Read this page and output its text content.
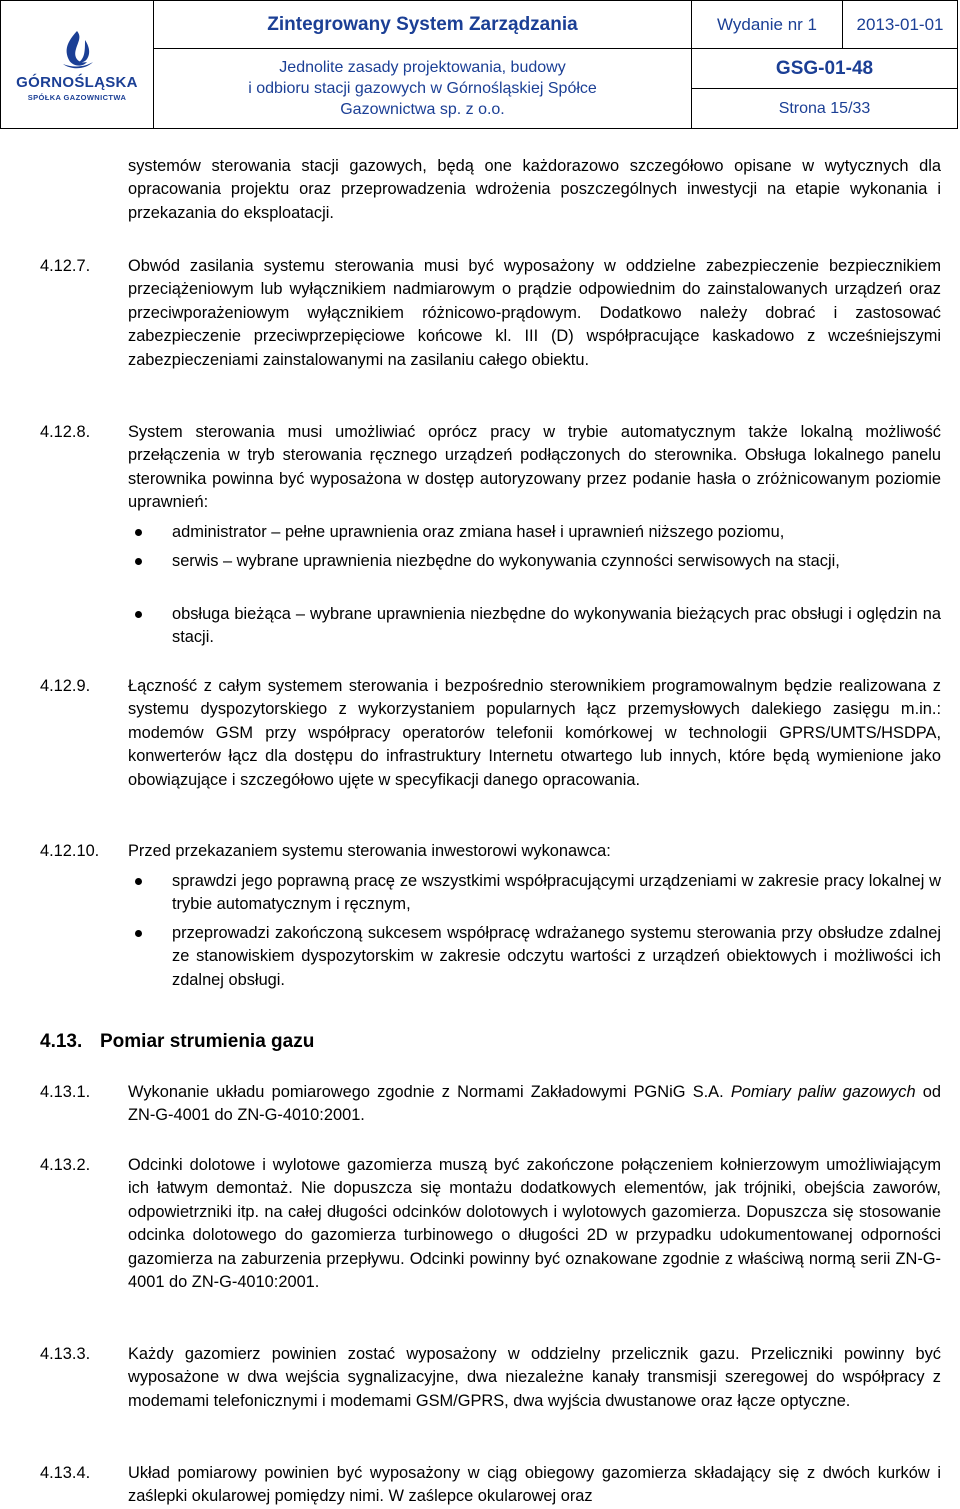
GÓRNOŚLĄSKA
SPÓŁKA GAZOWNICTWA	Zintegrowany System Zarządzania	Wydanie nr 1	2013-01-01

	Jednolite zasady projektowania, budowy
i odbioru stacji gazowych w Górnośląskiej Spółce
Gazownictwa sp. z o.o.	GSG-01-48	
		Strona 15/33	
systemów sterowania stacji gazowych, będą one każdorazowo szczegółowo opisane w wytycznych dla opracowania projektu oraz przeprowadzenia wdrożenia poszczególnych inwestycji na etapie wykonania i przekazania do eksploatacji.
4.12.7. Obwód zasilania systemu sterowania musi być wyposażony w oddzielne zabezpieczenie bezpiecznikiem przeciążeniowym lub wyłącznikiem nadmiarowym o prądzie odpowiednim do zainstalowanych urządzeń oraz przeciwporażeniowym wyłącznikiem różnicowo-prądowym. Dodatkowo należy dobrać i zastosować zabezpieczenie przeciwprzepięciowe końcowe kl. III (D) współpracujące kaskadowo z wcześniejszymi zabezpieczeniami zainstalowanymi na zasilaniu całego obiektu.
4.12.8. System sterowania musi umożliwiać oprócz pracy w trybie automatycznym także lokalną możliwość przełączenia w tryb sterowania ręcznego urządzeń podłączonych do sterownika. Obsługa lokalnego panelu sterownika powinna być wyposażona w dostęp autoryzowany przez podanie hasła o zróżnicowanym poziomie uprawnień:
administrator – pełne uprawnienia oraz zmiana haseł i uprawnień niższego poziomu,
serwis – wybrane uprawnienia niezbędne do wykonywania czynności serwisowych na stacji,
obsługa bieżąca – wybrane uprawnienia niezbędne do wykonywania bieżących prac obsługi i oględzin na stacji.
4.12.9. Łączność z całym systemem sterowania i bezpośrednio sterownikiem programowalnym będzie realizowana z systemu dyspozytorskiego z wykorzystaniem popularnych łącz przemysłowych dalekiego zasięgu m.in.: modemów GSM przy współpracy operatorów telefonii komórkowej w technologii GPRS/UMTS/HSDPA, konwerterów łącz dla dostępu do infrastruktury Internetu otwartego lub innych, które będą wymienione jako obowiązujące i szczegółowo ujęte w specyfikacji danego opracowania.
4.12.10. Przed przekazaniem systemu sterowania inwestorowi wykonawca:
sprawdzi jego poprawną pracę ze wszystkimi współpracującymi urządzeniami w zakresie pracy lokalnej w trybie automatycznym i ręcznym,
przeprowadzi zakończoną sukcesem współpracę wdrażanego systemu sterowania przy obsłudze zdalnej ze stanowiskiem dyspozytorskim w zakresie odczytu wartości z urządzeń obiektowych i możliwości ich zdalnej obsługi.
4.13. Pomiar strumienia gazu
4.13.1. Wykonanie układu pomiarowego zgodnie z Normami Zakładowymi PGNiG S.A. Pomiary paliw gazowych od ZN-G-4001 do ZN-G-4010:2001.
4.13.2. Odcinki dolotowe i wylotowe gazomierza muszą być zakończone połączeniem kołnierzowym umożliwiającym ich łatwym demontaż. Nie dopuszcza się montażu dodatkowych elementów, jak trójniki, obejścia zaworów, odpowietrzniki itp. na całej długości odcinków dolotowych i wylotowych gazomierza. Dopuszcza się stosowanie odcinka dolotowego do gazomierza turbinowego o długości 2D w przypadku udokumentowanej odporności gazomierza na zaburzenia przepływu. Odcinki powinny być oznakowane zgodnie z właściwą normą serii ZN-G-4001 do ZN-G-4010:2001.
4.13.3. Każdy gazomierz powinien zostać wyposażony w oddzielny przelicznik gazu. Przeliczniki powinny być wyposażone w dwa wejścia sygnalizacyjne, dwa niezależne kanały transmisji szeregowej do współpracy z modemami telefonicznymi i modemami GSM/GPRS, dwa wyjścia dwustanowe oraz łącze optyczne.
4.13.4. Układ pomiarowy powinien być wyposażony w ciąg obiegowy gazomierza składający się z dwóch kurków i zaślepki okularowej pomiędzy nimi. W zaślepce okularowej oraz
